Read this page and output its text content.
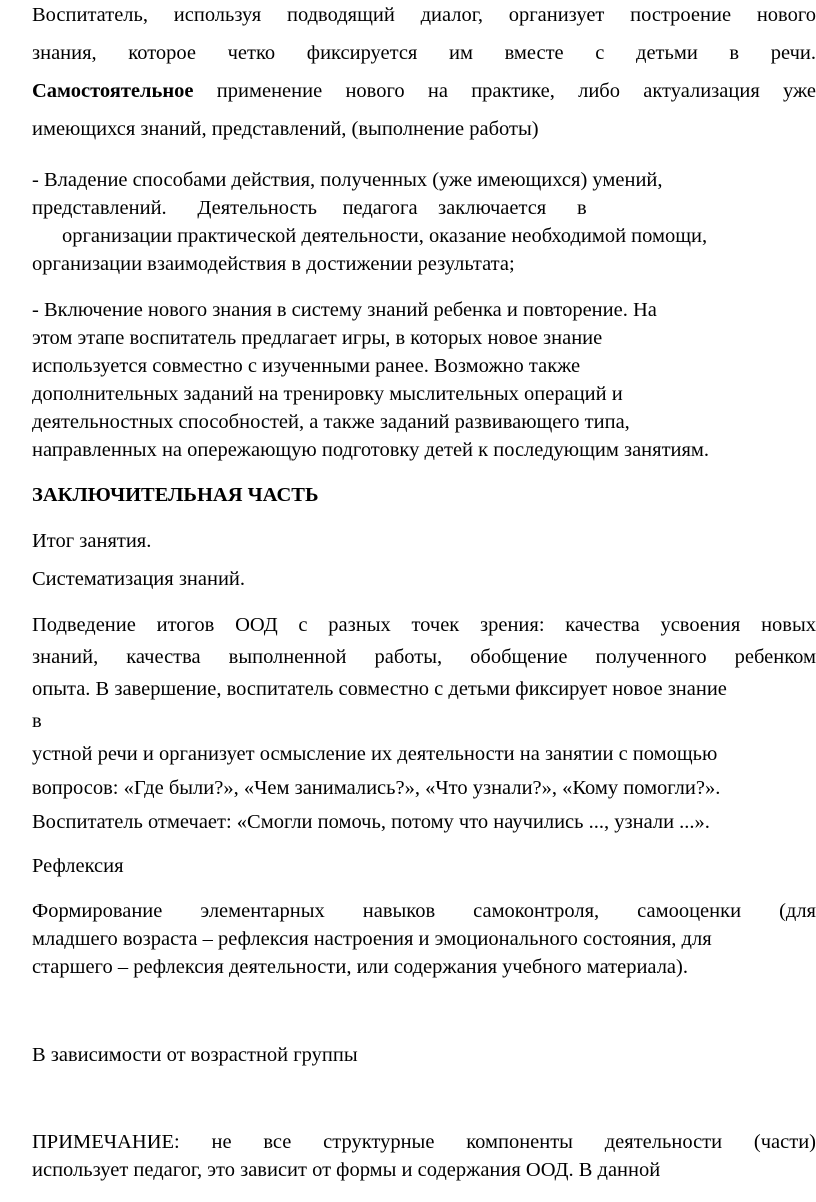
Воспитатель, используя подводящий диалог, организует построение нового
знания, которое четко фиксируется им вместе с детьми в речи.
Самостоятельное применение нового на практике, либо актуализация уже
имеющихся знаний, представлений, (выполнение работы)
- Владение способами действия, полученных (уже имеющихся) умений,
представлений.      Деятельность     педагога    заключается      в
организации практической деятельности, оказание необходимой помощи,
организации взаимодействия в достижении результата;
- Включение нового знания в систему знаний ребенка и повторение. На
этом этапе воспитатель предлагает игры, в которых новое знание
используется совместно с изученными ранее. Возможно также
дополнительных заданий на тренировку мыслительных операций и
деятельностных способностей, а также заданий развивающего типа,
направленных на опережающую подготовку детей к последующим занятиям.
ЗАКЛЮЧИТЕЛЬНАЯ ЧАСТЬ
Итог занятия.
Систематизация знаний.
Подведение итогов ООД с разных точек зрения: качества усвоения новых
знаний, качества выполненной работы, обобщение полученного ребенком
опыта. В завершение, воспитатель совместно с детьми фиксирует новое знание
в
устной речи и организует осмысление их деятельности на занятии с помощью
вопросов: «Где были?», «Чем занимались?», «Что узнали?», «Кому помогли?».
Воспитатель отмечает: «Смогли помочь, потому что научились ..., узнали ...».
Рефлексия
Формирование элементарных навыков самоконтроля, самооценки (для
младшего возраста – рефлексия настроения и эмоционального состояния, для
старшего – рефлексия деятельности, или содержания учебного материала).
В зависимости от возрастной группы
ПРИМЕЧАНИЕ: не все структурные компоненты деятельности (части)
использует педагог, это зависит от формы и содержания ООД. В данной
